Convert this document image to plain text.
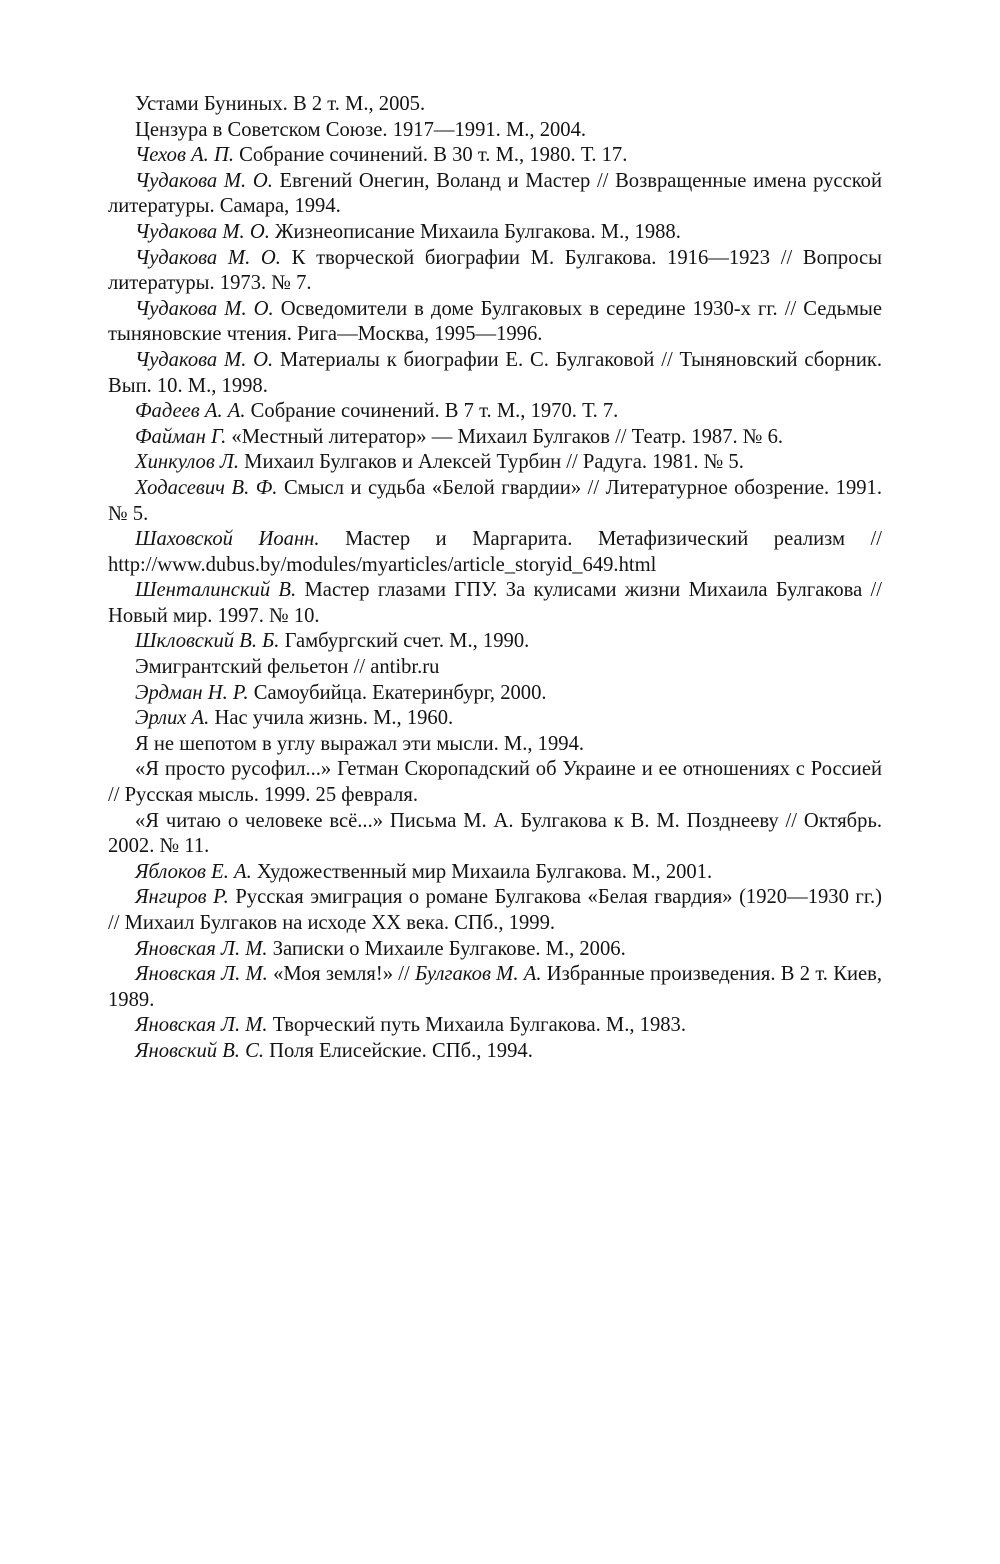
Устами Буниных. В 2 т. М., 2005.

Цензура в Советском Союзе. 1917—1991. М., 2004.

Чехов А. П. Собрание сочинений. В 30 т. М., 1980. Т. 17.

Чудакова М. О. Евгений Онегин, Воланд и Мастер // Возвращенные имена русской литературы. Самара, 1994.

Чудакова М. О. Жизнеописание Михаила Булгакова. М., 1988.

Чудакова М. О. К творческой биографии М. Булгакова. 1916—1923 // Вопросы литературы. 1973. № 7.

Чудакова М. О. Осведомители в доме Булгаковых в середине 1930-х гг. // Седьмые тыняновские чтения. Рига—Москва, 1995—1996.

Чудакова М. О. Материалы к биографии Е. С. Булгаковой // Тыняновский сборник. Вып. 10. М., 1998.

Фадеев А. А. Собрание сочинений. В 7 т. М., 1970. Т. 7.

Файман Г. «Местный литератор» — Михаил Булгаков // Театр. 1987. № 6.

Хинкулов Л. Михаил Булгаков и Алексей Турбин // Радуга. 1981. № 5.

Ходасевич В. Ф. Смысл и судьба «Белой гвардии» // Литературное обозрение. 1991. № 5.

Шаховской Иоанн. Мастер и Маргарита. Метафизический реализм // http://www.dubus.by/modules/myarticles/article_storyid_649.html

Шенталинский В. Мастер глазами ГПУ. За кулисами жизни Михаила Булгакова // Новый мир. 1997. № 10.

Шкловский В. Б. Гамбургский счет. М., 1990.

Эмигрантский фельетон // antibr.ru

Эрдман Н. Р. Самоубийца. Екатеринбург, 2000.

Эрлих А. Нас учила жизнь. М., 1960.

Я не шепотом в углу выражал эти мысли. М., 1994.

«Я просто русофил...» Гетман Скоропадский об Украине и ее отношениях с Россией // Русская мысль. 1999. 25 февраля.

«Я читаю о человеке всё...» Письма М. А. Булгакова к В. М. Позднееву // Октябрь. 2002. № 11.

Яблоков Е. А. Художественный мир Михаила Булгакова. М., 2001.

Янгиров Р. Русская эмиграция о романе Булгакова «Белая гвардия» (1920—1930 гг.) // Михаил Булгаков на исходе XX века. СПб., 1999.

Яновская Л. М. Записки о Михаиле Булгакове. М., 2006.

Яновская Л. М. «Моя земля!» // Булгаков М. А. Избранные произведения. В 2 т. Киев, 1989.

Яновская Л. М. Творческий путь Михаила Булгакова. М., 1983.

Яновский В. С. Поля Елисейские. СПб., 1994.
